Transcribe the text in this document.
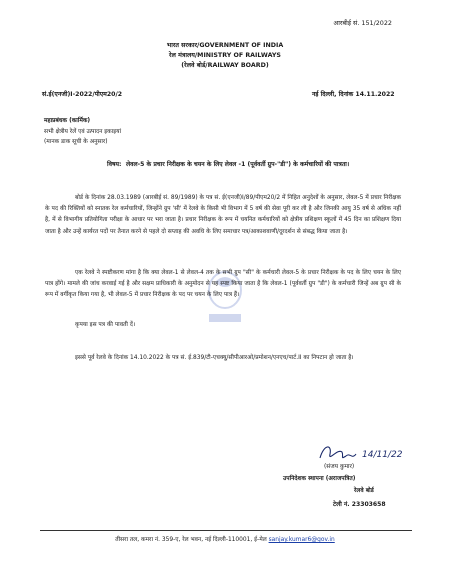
आरबीई सं. 151/2022
भारत सरकार/GOVERNMENT OF INDIA
रेल मंत्रालय/MINISTRY OF RAILWAYS
(रेलवे बोर्ड/RAILWAY BOARD)
सं.ई(एनजी)I-2022/पीएम20/2	नई दिल्ली, दिनांक 14.11.2022
महाप्रबंधक (कार्मिक)
सभी क्षेत्रीय रेलें एवं उत्पादन इकाइयां
(मानक डाक सूची के अनुसार)
विषय: लेवल-5 के प्रचार निरीक्षक के चयन के लिए लेवल -1 (पूर्ववर्ती ग्रुप-"डी") के कर्मचारियों की पात्रता।
बोर्ड के दिनांक 28.03.1989 (आरबीई सं. 89/1989) के पत्र सं. ई(एनजी)I/89/पीएम20/2 में निहित अनुदेशों के अनुसार, लेवल-5 में प्रचार निरीक्षक के पद की रिक्तियों को स्नातक रेल कर्मचारियों, जिन्होंने ग्रुप 'सी' में रेलवे के किसी भी विभाग में 5 वर्ष की सेवा पूरी कर ली है और जिनकी आयु 35 वर्ष से अधिक नहीं है, में से विभागीय प्रतियोगिता परीक्षा के आधार पर भरा जाता है। प्रचार निरीक्षक के रूप में चयनित कर्मचारियों को क्षेत्रीय प्रशिक्षण स्कूलों में 45 दिन का प्रशिक्षण दिया जाता है और उन्हें कार्यरत पदों पर तैनात करने से पहले दो सप्ताह की अवधि के लिए समाचार पत्र/आकाशवाणी/दूरदर्शन से संबद्ध किया जाता है।
एक रेलवे ने स्पष्टीकरण मांगा है कि क्या लेवल-1 से लेवल-4 तक के सभी ग्रुप "सी" के कर्मचारी लेवल-5 के प्रचार निरीक्षक के पद के लिए चयन के लिए पात्र होंगे। मामले की जांच करवाई गई है और सक्षम प्राधिकारी के अनुमोदन से यह स्पष्ट किया जाता है कि लेवल-1 (पूर्ववर्ती ग्रुप "डी") के कर्मचारी जिन्हें अब ग्रुप सी के रूप में वर्गीकृत किया गया है, भी लेवल-5 में प्रचार निरीक्षक के पद पर चयन के लिए पात्र हैं।
कृपया इस पत्र की पावती दें।
इससे पूर्व रेलवे के दिनांक 14.10.2022 के पत्र सं. ई.839/टी-एचक्यू/सीपीआरओ/प्रमोशन/एनएच/पार्ट.II का निपटान हो जाता है।
14/11/22
(संजय कुमार)
उपनिदेशक स्थापना (अराजपत्रित)
रेलवे बोर्ड
टेली नं. 23303658
तीसरा तल, कमरा नं. 359-ए, रेल भवन, नई दिल्ली-110001, ई-मेल sanjay.kumar6@gov.in
